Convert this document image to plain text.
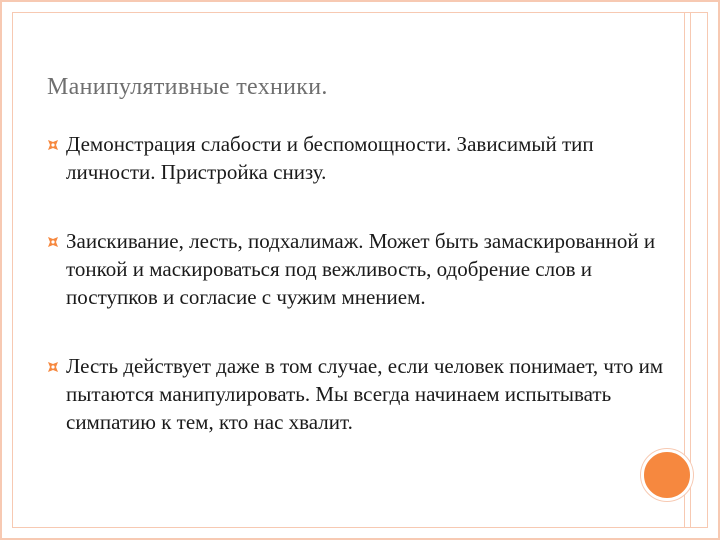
Манипулятивные техники.
Демонстрация слабости и беспомощности. Зависимый тип личности. Пристройка снизу.
Заискивание, лесть, подхалимаж. Может быть замаскированной и тонкой и маскироваться под вежливость, одобрение слов и поступков и согласие с чужим мнением.
Лесть действует даже в том случае, если человек понимает, что им пытаются манипулировать. Мы всегда начинаем испытывать симпатию к тем, кто нас хвалит.
